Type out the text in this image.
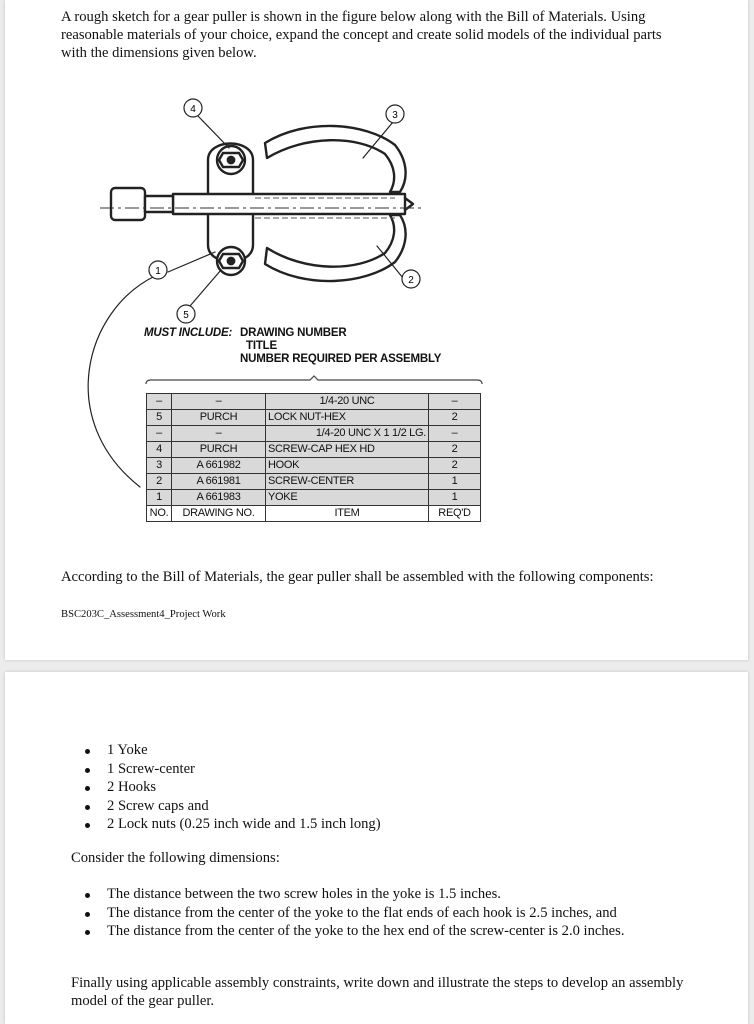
A rough sketch for a gear puller is shown in the figure below along with the Bill of Materials. Using
reasonable materials of your choice, expand the concept and create solid models of the individual parts
with the dimensions given below.

4
3
1
2
5
MUST INCLUDE: DRAWING NUMBER
TITLE
NUMBER REQUIRED PER ASSEMBLY
–	–	1/4-20 UNC	–
5	PURCH	LOCK NUT-HEX	2
–	–	1/4-20 UNC X 1 1/2 LG.	–
4	PURCH	SCREW-CAP HEX HD	2
3	A 661982	HOOK	2
2	A 661981	SCREW-CENTER	1
1	A 661983	YOKE	1
NO.	DRAWING NO.	ITEM	REQ'D

According to the Bill of Materials, the gear puller shall be assembled with the following components:

BSC203C_Assessment4_Project Work

1 Yoke
1 Screw-center
2 Hooks
2 Screw caps and
2 Lock nuts (0.25 inch wide and 1.5 inch long)

Consider the following dimensions:

The distance between the two screw holes in the yoke is 1.5 inches.
The distance from the center of the yoke to the flat ends of each hook is 2.5 inches, and
The distance from the center of the yoke to the hex end of the screw-center is 2.0 inches.

Finally using applicable assembly constraints, write down and illustrate the steps to develop an assembly model of the gear puller.
